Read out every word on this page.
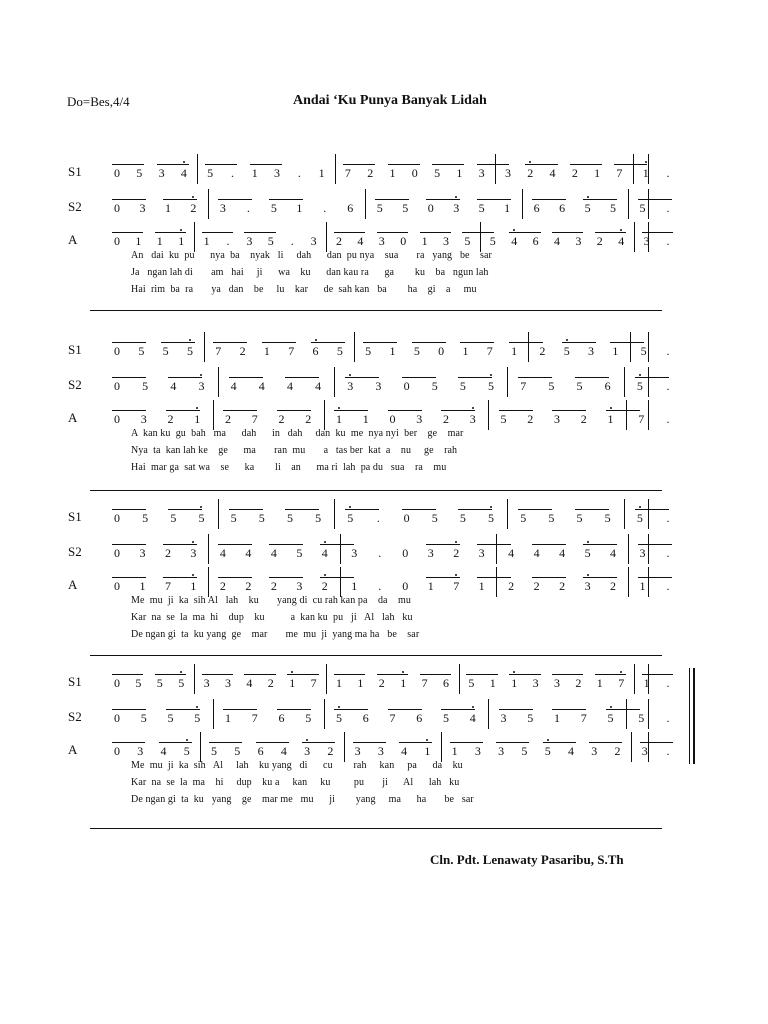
Do=Bes,4/4	Andai ‘Ku Punya Banyak Lidah
S1	0 5 3 4 5	.	1 3	.	1 7 2 1 0 5 1 3 3 2 4 2 1 7 1	.
S2	0 3 1 2 3	.	5 1	.	6 5 5 0 3 5 1 6 6 5 5 5	.
A	0 1 1 1 1	.	3 5	.	3 2 4 3 0 1 3 5 5 4 6 4 3 2 4 3	.
An   dai  ku  pu      nya  ba    nyak   li     dah      dan  pu nya    sua       ra   yang   be    sar
Ja   ngan lah di       am   hai     ji      wa    ku      dan kau ra      ga        ku    ba   ngun lah
Hai  rim  ba  ra       ya   dan    be     lu    kar      de  sah kan   ba        ha    gi    a     mu
S1	0 5 5 5 7 2 1 7 6 5 5 1 5 0 1 7 1 2 5 3 1 5	.
S2	0 5 4 3 4 4 4 4 3 3 0 5 5 5 7 5 5 6 5	.
A	0 3 2 1 2 7 2 2 1 1 0 3 2 3 5 2 3 2 1 7	.
A  kan ku  gu  bah   ma      dah      in   dah     dan  ku  me  nya nyi  ber    ge    mar
Nya  ta  kan lah ke    ge      ma       ran  mu       a   tas ber  kat  a    nu     ge    rah
Hai  mar ga  sat wa    se      ka        li    an      ma ri  lah  pa du   sua    ra    mu
S1	0 5 5 5 5 5 5 5 5	.	0 5 5 5 5 5 5 5 5	.
S2	0 3 2 3 4 4 4 5 4 3	.	0 3 2 3 4 4 4 5 4 3	.
A	0 1 7 1 2 2 2 3 2 1	.	0 1 7 1 2 2 2 3 2 1	.
Me  mu  ji  ka  sih Al   lah    ku       yang di  cu rah kan pa    da    mu
Kar  na  se  la  ma  hi    dup    ku          a  kan ku  pu   ji   Al   lah   ku
De ngan gi  ta  ku yang  ge    mar       me  mu  ji  yang ma ha   be    sar
S1	0 5 5 5 3 3 4 2 1 7 1 1 2 1 7 6 5 1 1 3 3 2 1 7 1	.
S2	0 5 5 5 1 7 6 5 5 6 7 6 5 4 3 5 1 7 5 5	.
A	0 3 4 5 5 5 6 4 3 2 3 3 4 1 1 3 3 5 5 4 3 2 3	.
Me  mu  ji  ka  sih   Al     lah    ku yang   di      cu        rah     kan     pa      da    ku
Kar  na  se  la  ma    hi     dup    ku a     kan     ku         pu       ji      Al      lah   ku
De ngan gi  ta  ku   yang    ge    mar me   mu      ji        yang     ma      ha       be   sar
Cln. Pdt. Lenawaty Pasaribu, S.Th
